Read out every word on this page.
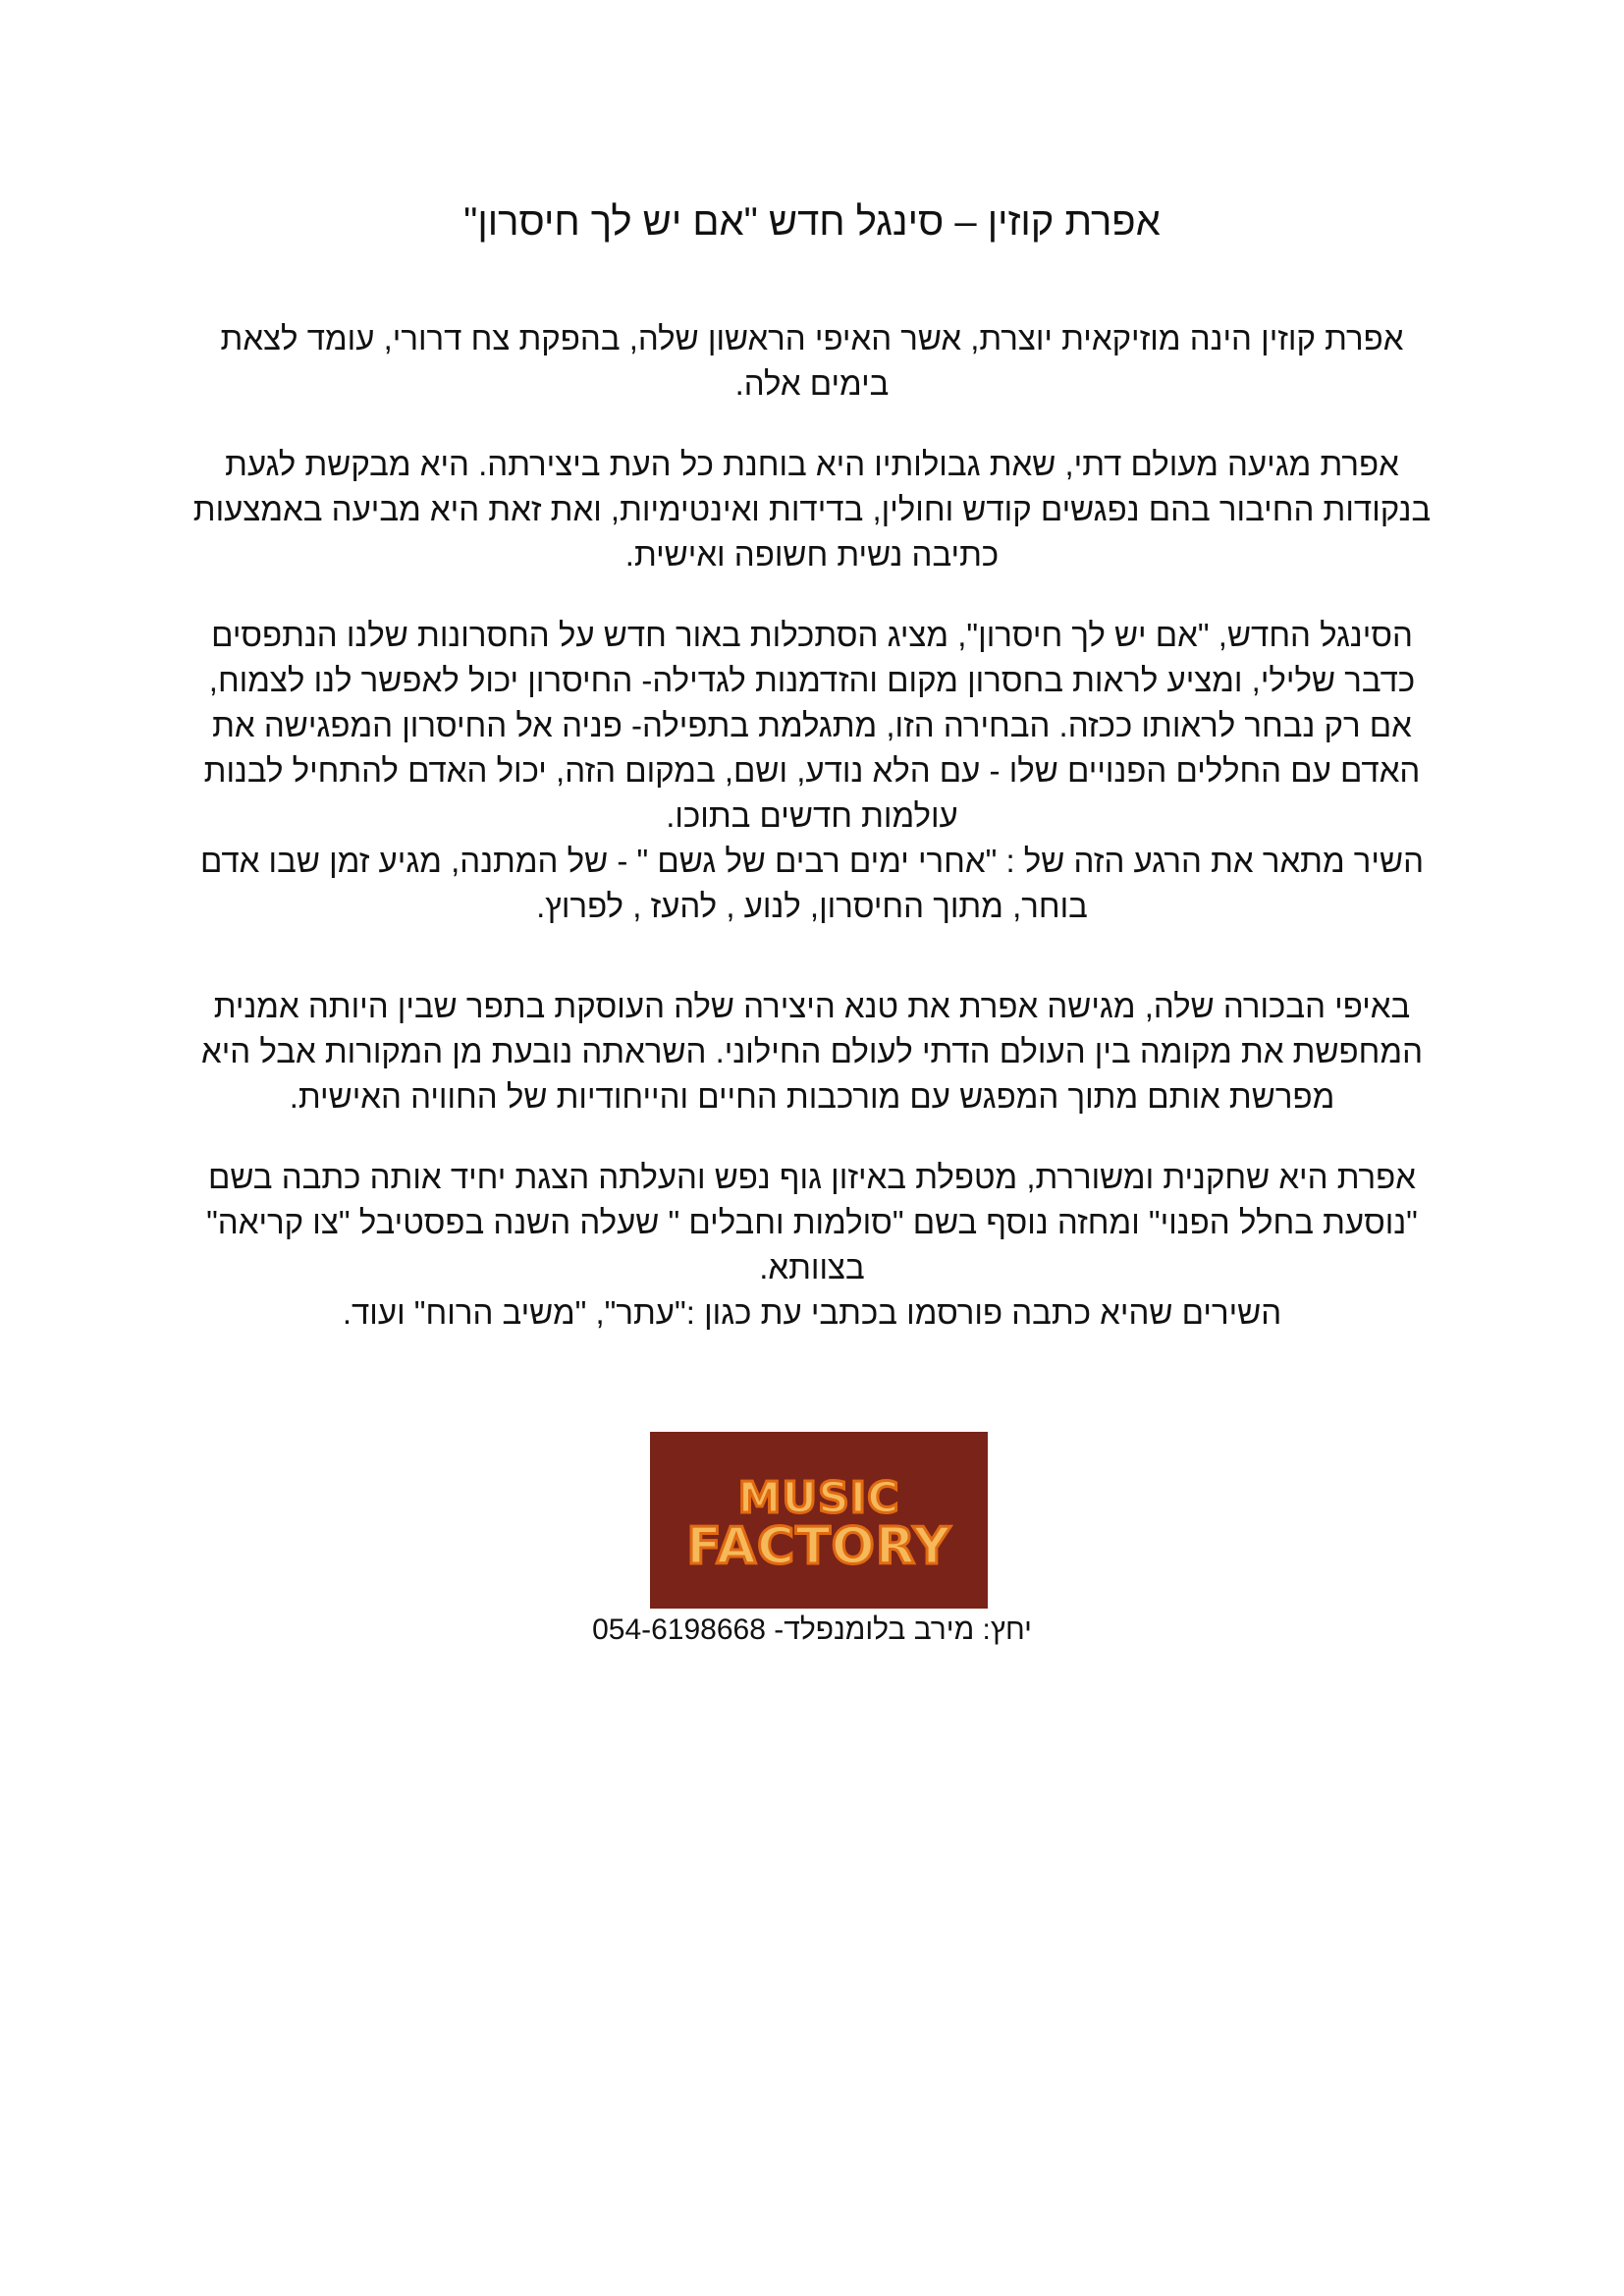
אפרת קוזין – סינגל חדש "אם יש לך חיסרון"

אפרת קוזין הינה מוזיקאית יוצרת, אשר האיפי הראשון שלה, בהפקת צח דרורי, עומד לצאת בימים אלה.

אפרת מגיעה מעולם דתי, שאת גבולותיו היא בוחנת כל העת ביצירתה. היא מבקשת לגעת בנקודות החיבור בהם נפגשים קודש וחולין, בדידות ואינטימיות, ואת זאת היא מביעה באמצעות כתיבה נשית חשופה ואישית.

הסינגל החדש, "אם יש לך חיסרון", מציג הסתכלות באור חדש על החסרונות שלנו הנתפסים כדבר שלילי, ומציע לראות בחסרון מקום והזדמנות לגדילה- החיסרון יכול לאפשר לנו לצמוח, אם רק נבחר לראותו ככזה. הבחירה הזו, מתגלמת בתפילה- פניה אל החיסרון המפגישה את האדם עם החללים הפנויים שלו - עם הלא נודע, ושם, במקום הזה, יכול האדם להתחיל לבנות עולמות חדשים בתוכו.

השיר מתאר את הרגע הזה של : "אחרי ימים רבים של גשם " - של המתנה, מגיע זמן שבו אדם בוחר, מתוך החיסרון, לנוע , להעז , לפרוץ.

באיפי הבכורה שלה, מגישה אפרת את טנא היצירה שלה העוסקת בתפר שבין היותה אמנית המחפשת את מקומה בין העולם הדתי לעולם החילוני. השראתה נובעת מן המקורות אבל היא מפרשת אותם מתוך המפגש עם מורכבות החיים והייחודיות של החוויה האישית.

אפרת היא שחקנית ומשוררת, מטפלת באיזון גוף נפש והעלתה הצגת יחיד אותה כתבה בשם "נוסעת בחלל הפנוי" ומחזה נוסף בשם "סולמות וחבלים " שעלה השנה בפסטיבל "צו קריאה" בצוותא.

השירים שהיא כתבה פורסמו בכתבי עת כגון :"עתר", "משיב הרוח" ועוד.

MUSIC
FACTORY
יחץ: מירב בלומנפלד- 054-6198668
